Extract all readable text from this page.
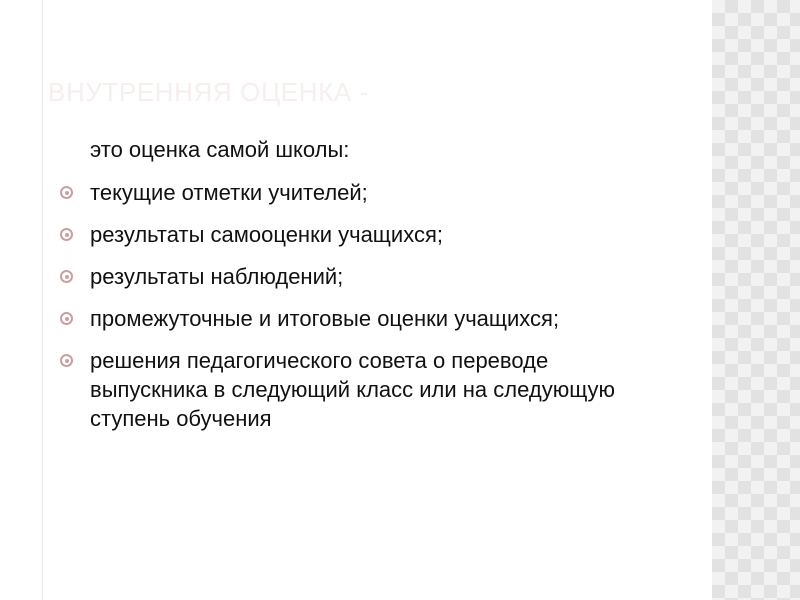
ВНУТРЕННЯЯ ОЦЕНКА -

это оценка самой школы:

текущие отметки учителей;
результаты самооценки учащихся;
результаты наблюдений;
промежуточные и итоговые оценки учащихся;
решения педагогического совета о переводе выпускника в следующий класс или на следующую ступень обучения
